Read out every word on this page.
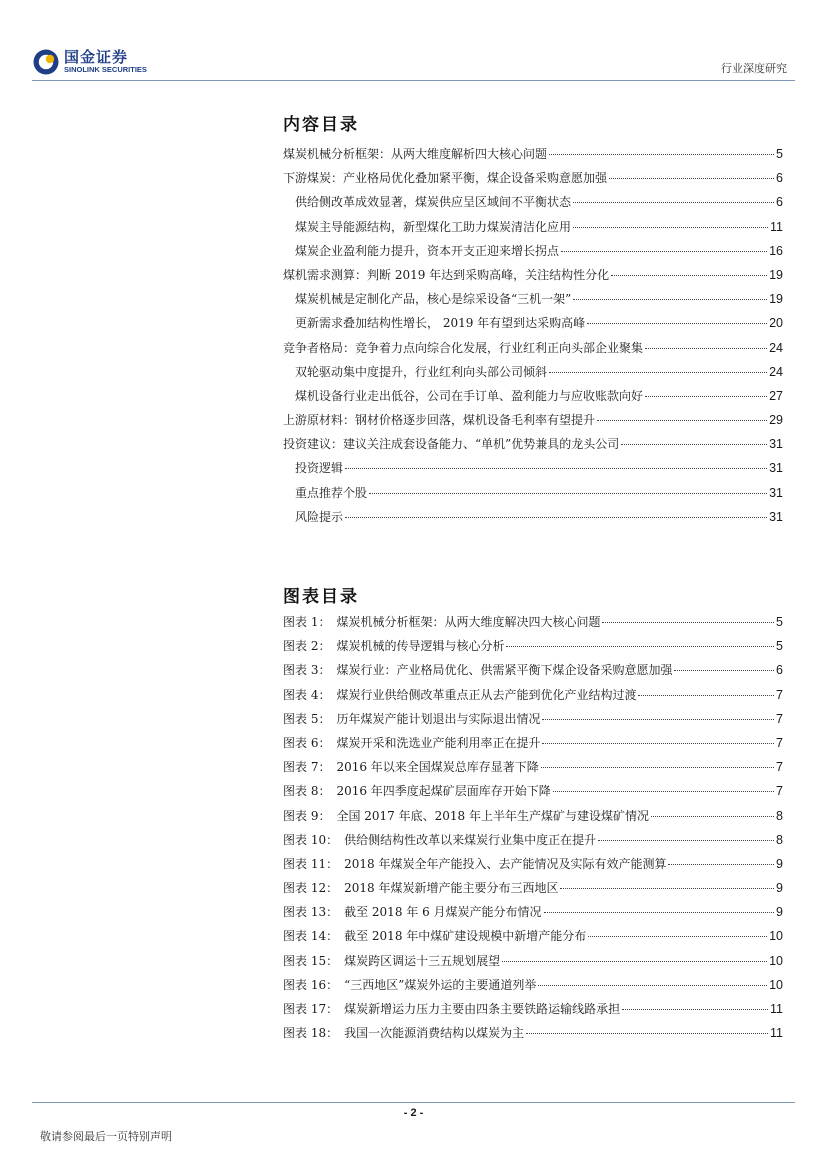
国金证券
SINOLINK SECURITIES	行业深度研究
内容目录
煤炭机械分析框架：从两大维度解析四大核心问题	5
下游煤炭：产业格局优化叠加紧平衡，煤企设备采购意愿加强	6
供给侧改革成效显著，煤炭供应呈区域间不平衡状态	6
煤炭主导能源结构，新型煤化工助力煤炭清洁化应用	11
煤炭企业盈利能力提升，资本开支正迎来增长拐点	16
煤机需求测算：判断 2019 年达到采购高峰，关注结构性分化	19
煤炭机械是定制化产品，核心是综采设备“三机一架”	19
更新需求叠加结构性增长， 2019 年有望到达采购高峰	20
竞争者格局：竞争着力点向综合化发展，行业红利正向头部企业聚集	24
双轮驱动集中度提升，行业红利向头部公司倾斜	24
煤机设备行业走出低谷，公司在手订单、盈利能力与应收账款向好	27
上游原材料：钢材价格逐步回落，煤机设备毛利率有望提升	29
投资建议：建议关注成套设备能力、“单机”优势兼具的龙头公司	31
投资逻辑	31
重点推荐个股	31
风险提示	31
图表目录
图表 1： 煤炭机械分析框架：从两大维度解决四大核心问题	5
图表 2： 煤炭机械的传导逻辑与核心分析	5
图表 3： 煤炭行业：产业格局优化、供需紧平衡下煤企设备采购意愿加强	6
图表 4： 煤炭行业供给侧改革重点正从去产能到优化产业结构过渡	7
图表 5： 历年煤炭产能计划退出与实际退出情况	7
图表 6： 煤炭开采和洗选业产能利用率正在提升	7
图表 7： 2016 年以来全国煤炭总库存显著下降	7
图表 8： 2016 年四季度起煤矿层面库存开始下降	7
图表 9： 全国 2017 年底、2018 年上半年生产煤矿与建设煤矿情况	8
图表 10： 供给侧结构性改革以来煤炭行业集中度正在提升	8
图表 11： 2018 年煤炭全年产能投入、去产能情况及实际有效产能测算	9
图表 12： 2018 年煤炭新增产能主要分布三西地区	9
图表 13： 截至 2018 年 6 月煤炭产能分布情况	9
图表 14： 截至 2018 年中煤矿建设规模中新增产能分布	10
图表 15： 煤炭跨区调运十三五规划展望	10
图表 16： “三西地区”煤炭外运的主要通道列举	10
图表 17： 煤炭新增运力压力主要由四条主要铁路运输线路承担	11
图表 18： 我国一次能源消费结构以煤炭为主	11
- 2 -
敬请参阅最后一页特别声明
